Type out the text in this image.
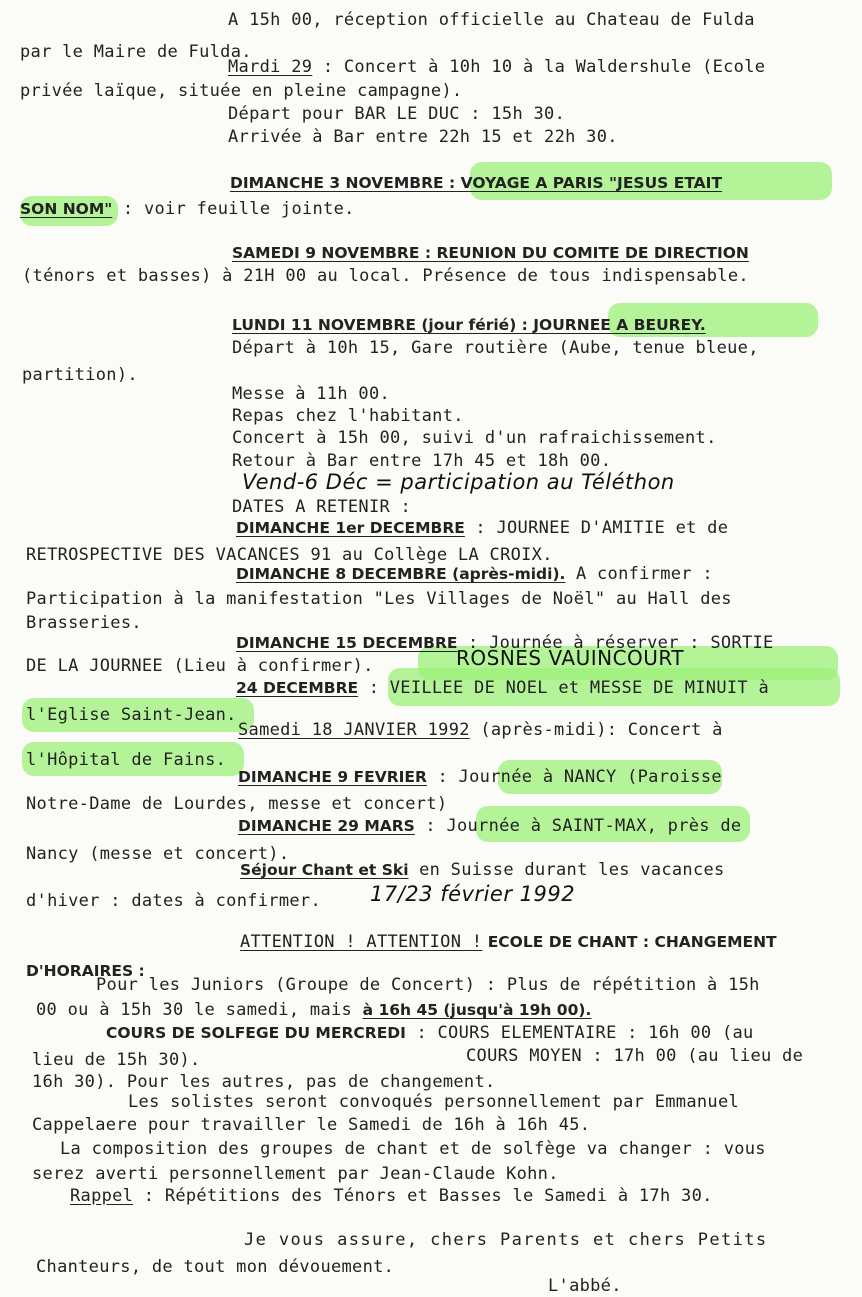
A 15h 00, réception officielle au Chateau de Fulda
par le Maire de Fulda.
Mardi 29 : Concert à 10h 10 à la Waldershule (Ecole
privée laïque, située en pleine campagne).
Départ pour BAR LE DUC : 15h 30.
Arrivée à Bar entre 22h 15 et 22h 30.
DIMANCHE 3 NOVEMBRE : VOYAGE A PARIS "JESUS ETAIT
SON NOM" : voir feuille jointe.
SAMEDI 9 NOVEMBRE : REUNION DU COMITE DE DIRECTION
(ténors et basses) à 21H 00 au local. Présence de tous indispensable.
LUNDI 11 NOVEMBRE (jour férié) : JOURNEE A BEUREY.
Départ à 10h 15, Gare routière (Aube, tenue bleue,
partition).
Messe à 11h 00.
Repas chez l'habitant.
Concert à 15h 00, suivi d'un rafraichissement.
Retour à Bar entre 17h 45 et 18h 00.
Vend-6 Déc = participation au Téléthon
DATES A RETENIR :
DIMANCHE 1er DECEMBRE : JOURNEE D'AMITIE et de
RETROSPECTIVE DES VACANCES 91 au Collège LA CROIX.
DIMANCHE 8 DECEMBRE (après-midi). A confirmer :
Participation à la manifestation "Les Villages de Noël" au Hall des
Brasseries.
DIMANCHE 15 DECEMBRE : Journée à réserver : SORTIE
DE LA JOURNEE (Lieu à confirmer).	ROSNES VAUINCOURT
24 DECEMBRE : VEILLEE DE NOEL et MESSE DE MINUIT à
l'Eglise Saint-Jean.
Samedi 18 JANVIER 1992 (après-midi): Concert à
l'Hôpital de Fains.
DIMANCHE 9 FEVRIER : Journée à NANCY (Paroisse
Notre-Dame de Lourdes, messe et concert)
DIMANCHE 29 MARS : Journée à SAINT-MAX, près de
Nancy (messe et concert).
Séjour Chant et Ski en Suisse durant les vacances
d'hiver : dates à confirmer. 17/23 février 1992
ATTENTION ! ATTENTION ! ECOLE DE CHANT : CHANGEMENT
D'HORAIRES :
Pour les Juniors (Groupe de Concert) : Plus de répétition à 15h
00 ou à 15h 30 le samedi, mais à 16h 45 (jusqu'à 19h 00).
COURS DE SOLFEGE DU MERCREDI : COURS ELEMENTAIRE : 16h 00 (au
lieu de 15h 30).	COURS MOYEN : 17h 00 (au lieu de
16h 30). Pour les autres, pas de changement.
Les solistes seront convoqués personnellement par Emmanuel
Cappelaere pour travailler le Samedi de 16h à 16h 45.
La composition des groupes de chant et de solfège va changer : vous
serez averti personnellement par Jean-Claude Kohn.
Rappel : Répétitions des Ténors et Basses le Samedi à 17h 30.
Je vous assure, chers Parents et chers Petits
Chanteurs, de tout mon dévouement.
L'abbé.
